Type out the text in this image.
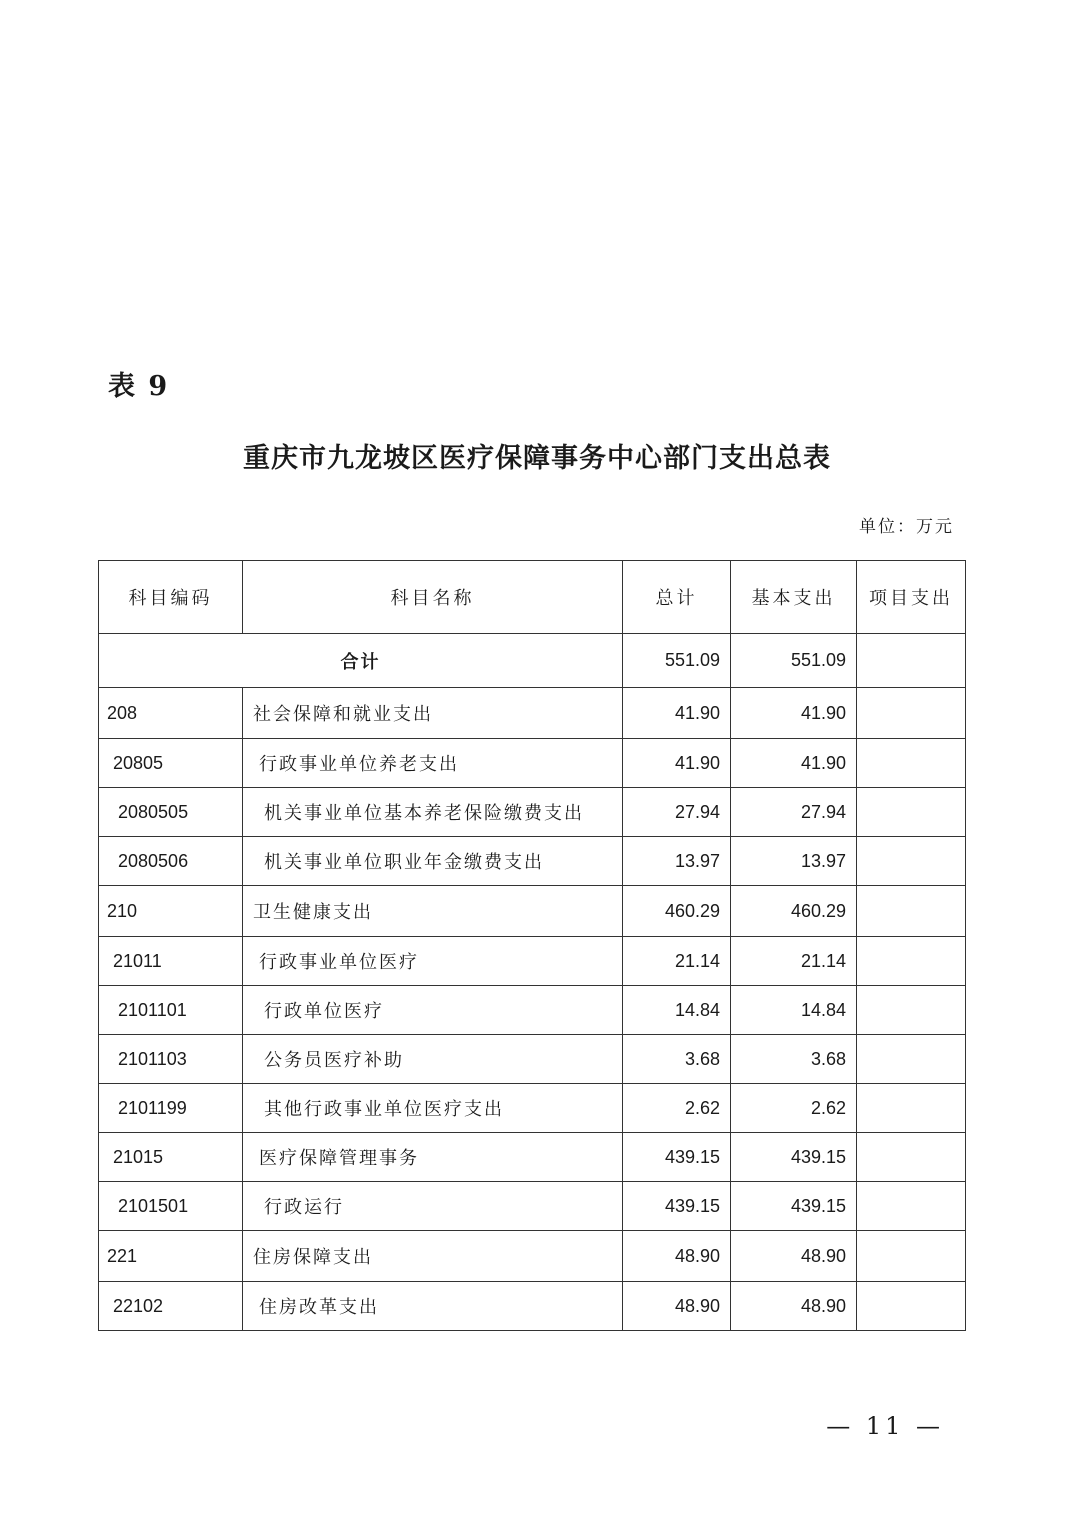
表 9
重庆市九龙坡区医疗保障事务中心部门支出总表
单位：万元
科目编码	科目名称	总计	基本支出	项目支出
合计		551.09	551.09	
208	社会保障和就业支出	41.90	41.90	
20805	行政事业单位养老支出	41.90	41.90	
2080505	机关事业单位基本养老保险缴费支出	27.94	27.94	
2080506	机关事业单位职业年金缴费支出	13.97	13.97	
210	卫生健康支出	460.29	460.29	
21011	行政事业单位医疗	21.14	21.14	
2101101	行政单位医疗	14.84	14.84	
2101103	公务员医疗补助	3.68	3.68	
2101199	其他行政事业单位医疗支出	2.62	2.62	
21015	医疗保障管理事务	439.15	439.15	
2101501	行政运行	439.15	439.15	
221	住房保障支出	48.90	48.90	
22102	住房改革支出	48.90	48.90	
— 11 —
